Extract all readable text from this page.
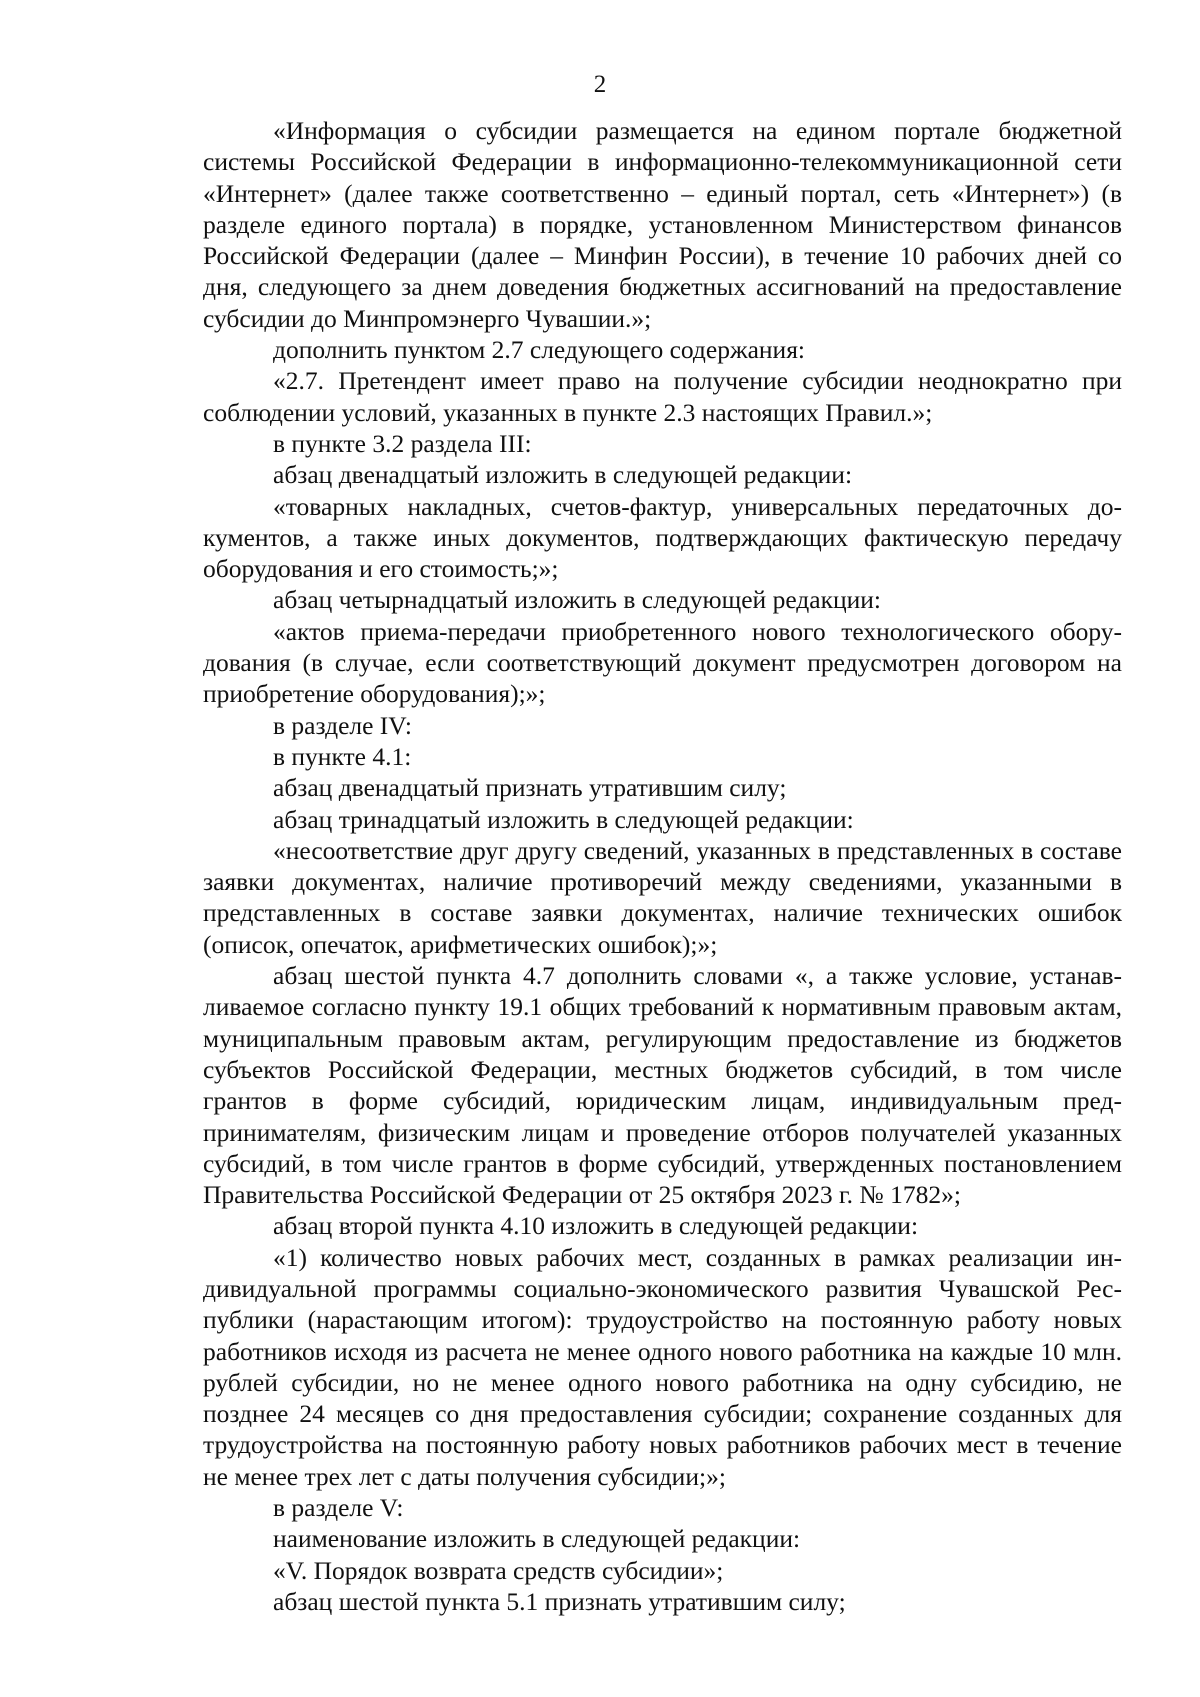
2

«Информация о субсидии размещается на едином портале бюджетной системы Российской Федерации в информационно-телекоммуникационной сети «Интернет» (далее также соответственно – единый портал, сеть «Интернет») (в разделе единого портала) в порядке, установленном Министерством финансов Российской Федерации (далее – Минфин России), в течение 10 рабочих дней со дня, следующего за днем доведения бюджетных ассигнований на предоставление субсидии до Минпромэнерго Чувашии.»;

дополнить пунктом 2.7 следующего содержания:

«2.7. Претендент имеет право на получение субсидии неоднократно при соблюдении условий, указанных в пункте 2.3 настоящих Правил.»;

в пункте 3.2 раздела III:

абзац двенадцатый изложить в следующей редакции:

«товарных накладных, счетов-фактур, универсальных передаточных документов, а также иных документов, подтверждающих фактическую передачу оборудования и его стоимость;»;

абзац четырнадцатый изложить в следующей редакции:

«актов приема-передачи приобретенного нового технологического оборудования (в случае, если соответствующий документ предусмотрен договором на приобретение оборудования);»;

в разделе IV:

в пункте 4.1:

абзац двенадцатый признать утратившим силу;

абзац тринадцатый изложить в следующей редакции:

«несоответствие друг другу сведений, указанных в представленных в составе заявки документах, наличие противоречий между сведениями, указанными в представленных в составе заявки документах, наличие технических ошибок (описок, опечаток, арифметических ошибок);»;

абзац шестой пункта 4.7 дополнить словами «, а также условие, устанавливаемое согласно пункту 19.1 общих требований к нормативным правовым актам, муниципальным правовым актам, регулирующим предоставление из бюджетов субъектов Российской Федерации, местных бюджетов субсидий, в том числе грантов в форме субсидий, юридическим лицам, индивидуальным предпринимателям, физическим лицам и проведение отборов получателей указанных субсидий, в том числе грантов в форме субсидий, утвержденных постановлением Правительства Российской Федерации от 25 октября 2023 г. № 1782»;

абзац второй пункта 4.10 изложить в следующей редакции:

«1) количество новых рабочих мест, созданных в рамках реализации индивидуальной программы социально-экономического развития Чувашской Республики (нарастающим итогом): трудоустройство на постоянную работу новых работников исходя из расчета не менее одного нового работника на каждые 10 млн. рублей субсидии, но не менее одного нового работника на одну субсидию, не позднее 24 месяцев со дня предоставления субсидии; сохранение созданных для трудоустройства на постоянную работу новых работников рабочих мест в течение не менее трех лет с даты получения субсидии;»;

в разделе V:

наименование изложить в следующей редакции:

«V. Порядок возврата средств субсидии»;

абзац шестой пункта 5.1 признать утратившим силу;
